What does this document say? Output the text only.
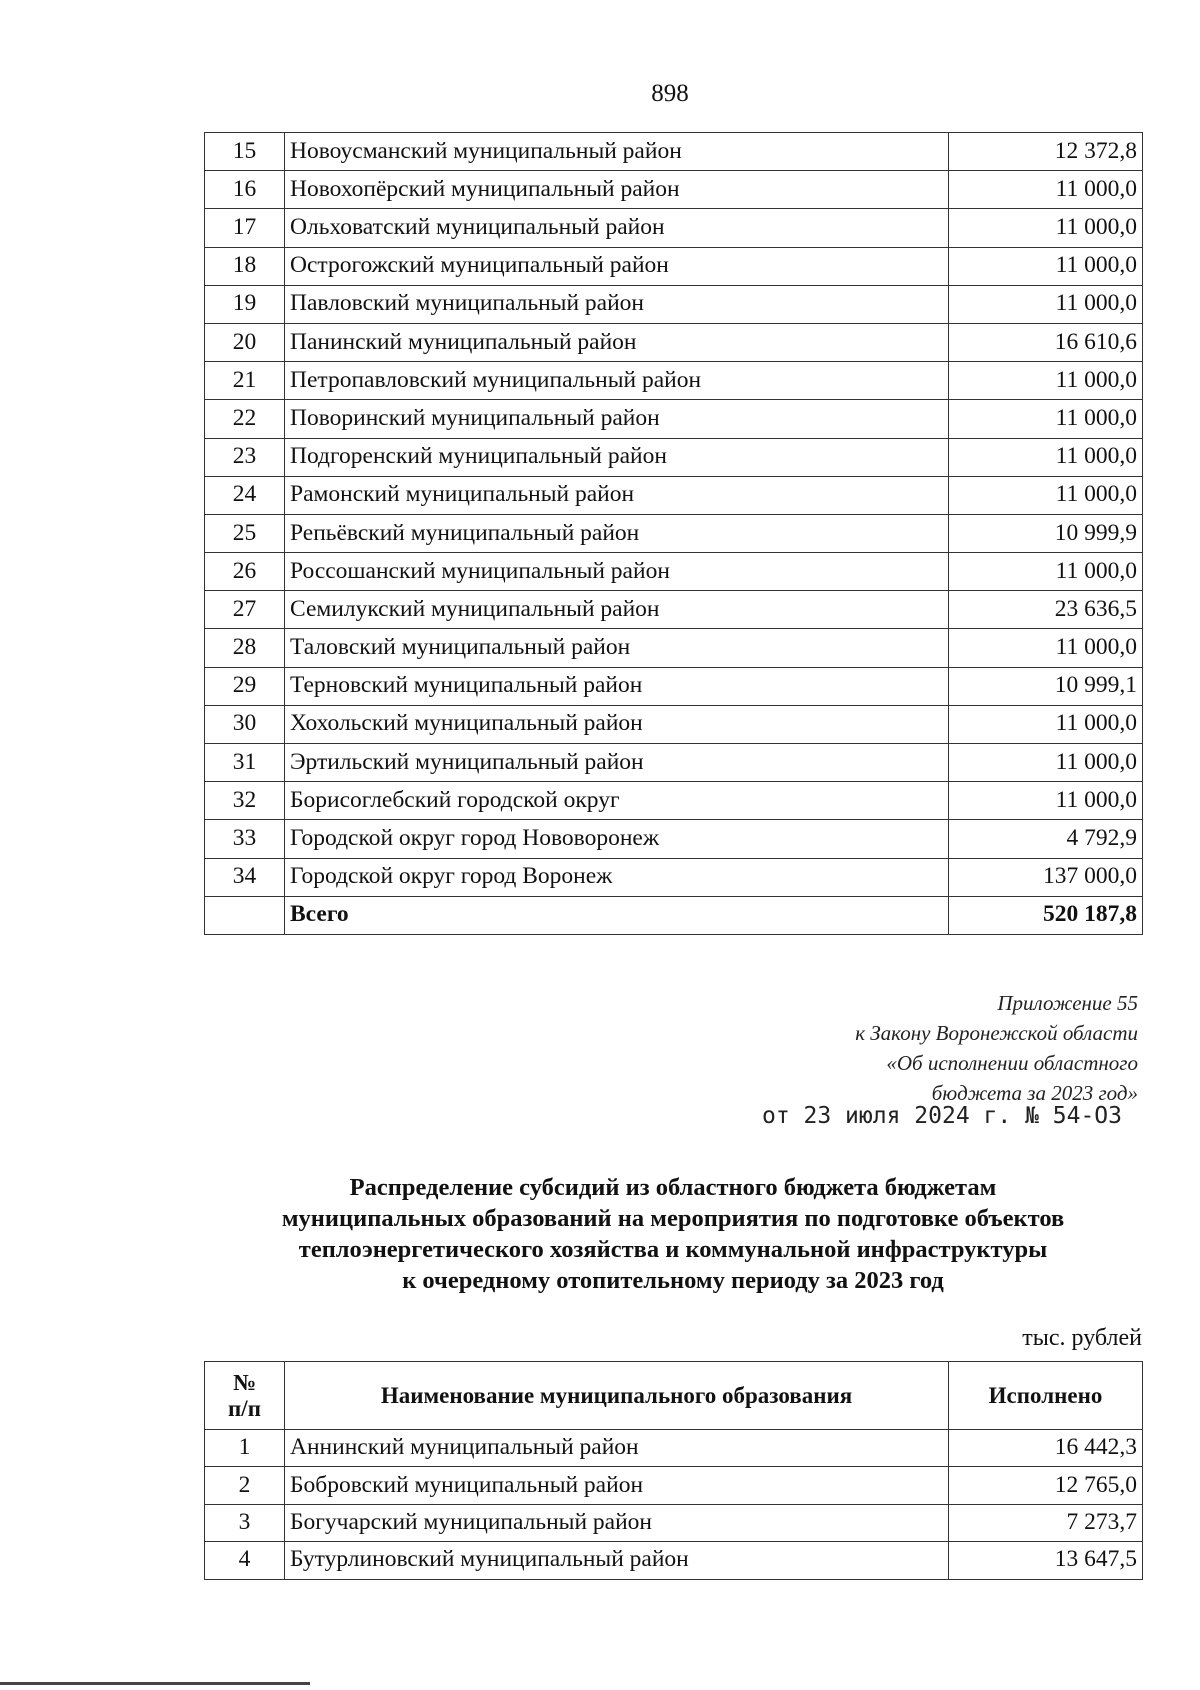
898
15	Новоусманский муниципальный район	12 372,8
16	Новохопёрский муниципальный район	11 000,0
17	Ольховатский муниципальный район	11 000,0
18	Острогожский муниципальный район	11 000,0
19	Павловский муниципальный район	11 000,0
20	Панинский муниципальный район	16 610,6
21	Петропавловский муниципальный район	11 000,0
22	Поворинский муниципальный район	11 000,0
23	Подгоренский муниципальный район	11 000,0
24	Рамонский муниципальный район	11 000,0
25	Репьёвский муниципальный район	10 999,9
26	Россошанский муниципальный район	11 000,0
27	Семилукский муниципальный район	23 636,5
28	Таловский муниципальный район	11 000,0
29	Терновский муниципальный район	10 999,1
30	Хохольский муниципальный район	11 000,0
31	Эртильский муниципальный район	11 000,0
32	Борисоглебский городской округ	11 000,0
33	Городской округ город Нововоронеж	4 792,9
34	Городской округ город Воронеж	137 000,0
	Всего	520 187,8
Приложение 55
к Закону Воронежской области
«Об исполнении областного
бюджета за 2023 год»
от 23 июля 2024 г. № 54-ОЗ
Распределение субсидий из областного бюджета бюджетам
муниципальных образований на мероприятия по подготовке объектов
теплоэнергетического хозяйства и коммунальной инфраструктуры
к очередному отопительному периоду за 2023 год
тыс. рублей
№
п/п	Наименование муниципального образования	Исполнено
1	Аннинский муниципальный район	16 442,3
2	Бобровский муниципальный район	12 765,0
3	Богучарский муниципальный район	7 273,7
4	Бутурлиновский муниципальный район	13 647,5
